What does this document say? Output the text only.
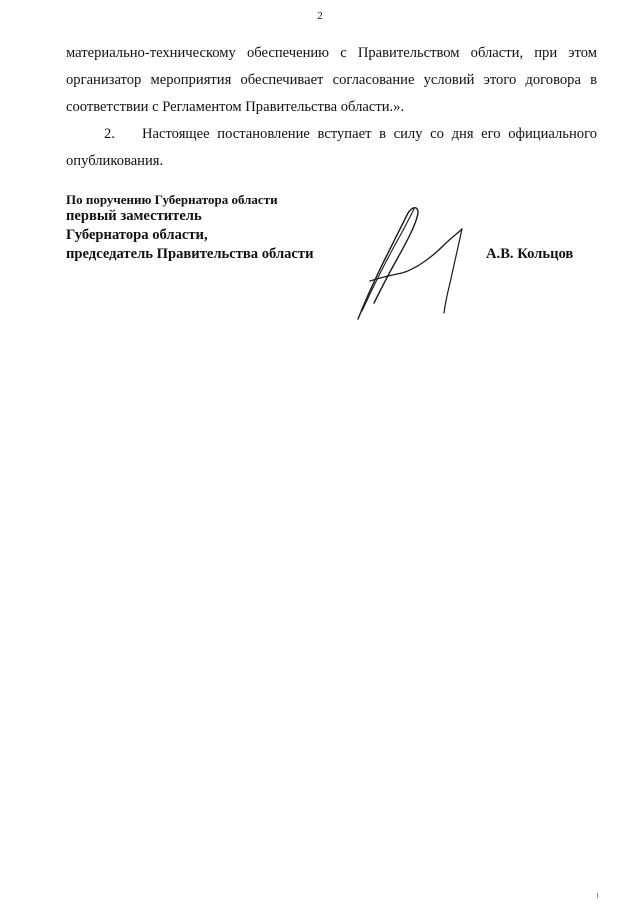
2

материально-техническому обеспечению с Правительством области, при этом организатор мероприятия обеспечивает согласование условий этого договора в соответствии с Регламентом Правительства области.».

2. Настоящее постановление вступает в силу со дня его официального опубликования.

По поручению Губернатора области
первый заместитель
Губернатора области,
председатель Правительства области	А.В. Кольцов
